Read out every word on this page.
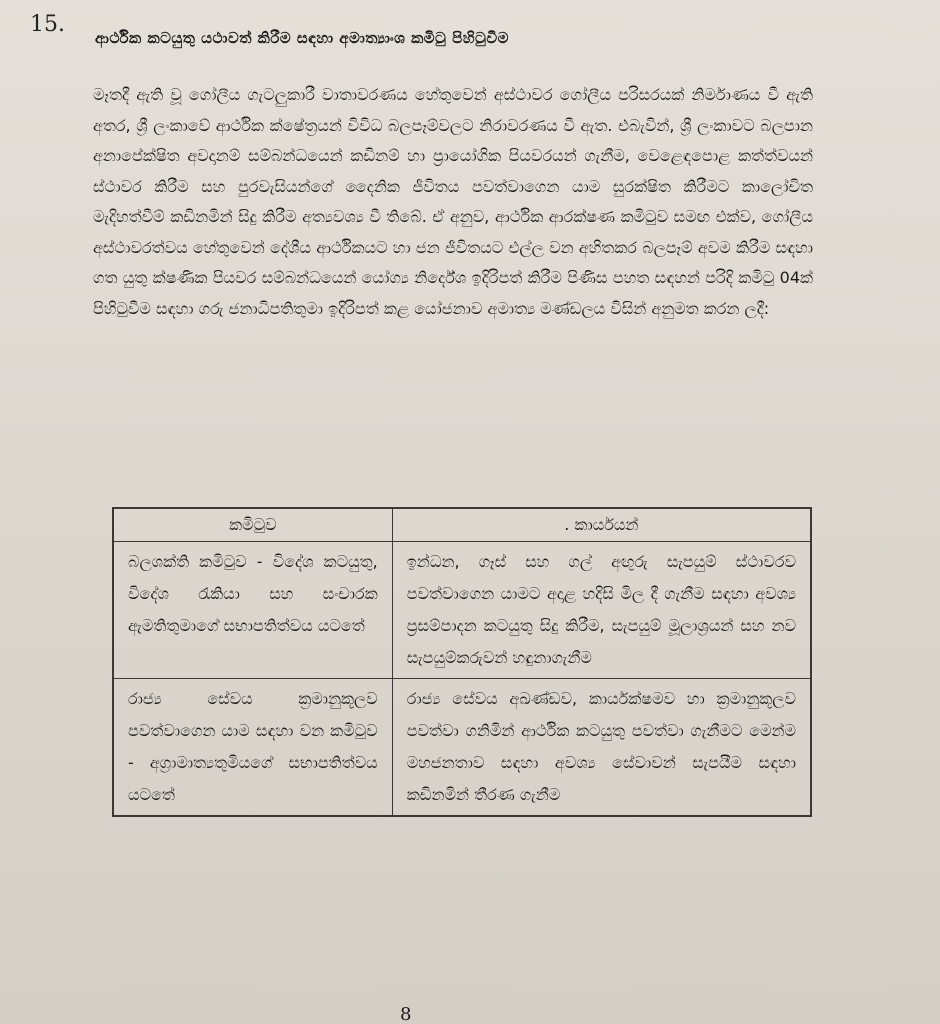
15.
ආර්ථික කටයුතු යථාවත් කිරීම සඳහා අමාත්‍යාංශ කමිටු පිහිටුවීම
මෑතදී ඇති වූ ගෝලීය ගැටලුකාරී වාතාවරණය හේතුවෙන් අස්ථාවර ගෝලීය පරිසරයක් නිර්මාණය වී ඇති අතර, ශ්‍රී ලංකාවේ ආර්ථික ක්ෂේත්‍රයන් විවිධ බලපෑම්වලට නිරාවරණය වී ඇත. එබැවින්, ශ්‍රී ලංකාවට බලපාන අනාපේක්ෂිත අවදානම් සම්බන්ධයෙන් කඩිනම් හා ප්‍රායෝගික පියවරයන් ගැනීම, වෙළෙඳපොළ කත්ත්වයන් ස්ථාවර කිරීම සහ පුරවැසියන්ගේ දෛනික ජීවිතය පවත්වාගෙන යාම සුරක්ෂිත කිරීමට කාලෝචිත මැදිහත්වීම් කඩිනමින් සිදු කිරීම අත්‍යවශ්‍ය වී තිබේ. ඒ අනුව, ආර්ථික ආරක්ෂණ කමිටුව සමඟ එක්ව, ගෝලීය අස්ථාවරත්වය හේතුවෙන් දේශීය ආර්ථිකයට හා ජන ජීවිතයට එල්ල වන අහිතකර බලපෑම් අවම කිරීම සඳහා ගත යුතු ක්ෂණික පියවර සම්බන්ධයෙන් යෝග්‍ය නිර්දේශ ඉදිරිපත් කිරීම පිණිස පහත සඳහන් පරිදි කමිටු 04ක් පිහිටුවීම සඳහා ගරු ජනාධිපතිතුමා ඉදිරිපත් කළ යෝජනාව අමාත්‍ය මණ්ඩලය විසින් අනුමත කරන ලදී:
කමිටුව	. කාර්යයන්
බලශක්ති කමිටුව - විදේශ කටයුතු, විදේශ රැකියා සහ සංචාරක ඇමතිතුමාගේ සභාපතිත්වය යටතේ	ඉන්ධන, ගෑස් සහ ගල් අඟුරු සැපයුම් ස්ථාවරව පවත්වාගෙන යාමට අදාළ හදිසි මිල දී ගැනීම සඳහා අවශ්‍ය ප්‍රසම්පාදන කටයුතු සිදු කිරීම, සැපයුම් මූලාශ්‍රයන් සහ නව සැපයුම්කරුවන් හඳුනාගැනීම
රාජ්‍ය සේවය ක්‍රමානුකූලව පවත්වාගෙන යාම සඳහා වන කමිටුව - අග්‍රාමාත්‍යතුමියගේ සභාපතිත්වය යටතේ	රාජ්‍ය සේවය අඛණ්ඩව, කාර්යක්ෂමව හා ක්‍රමානුකූලව පවත්වා ගනිමින් ආර්ථික කටයුතු පවත්වා ගැනීමට මෙන්ම මහජනතාව සඳහා අවශ්‍ය සේවාවන් සැපයීම සඳහා කඩිනමින් තීරණ ගැනීම
8
